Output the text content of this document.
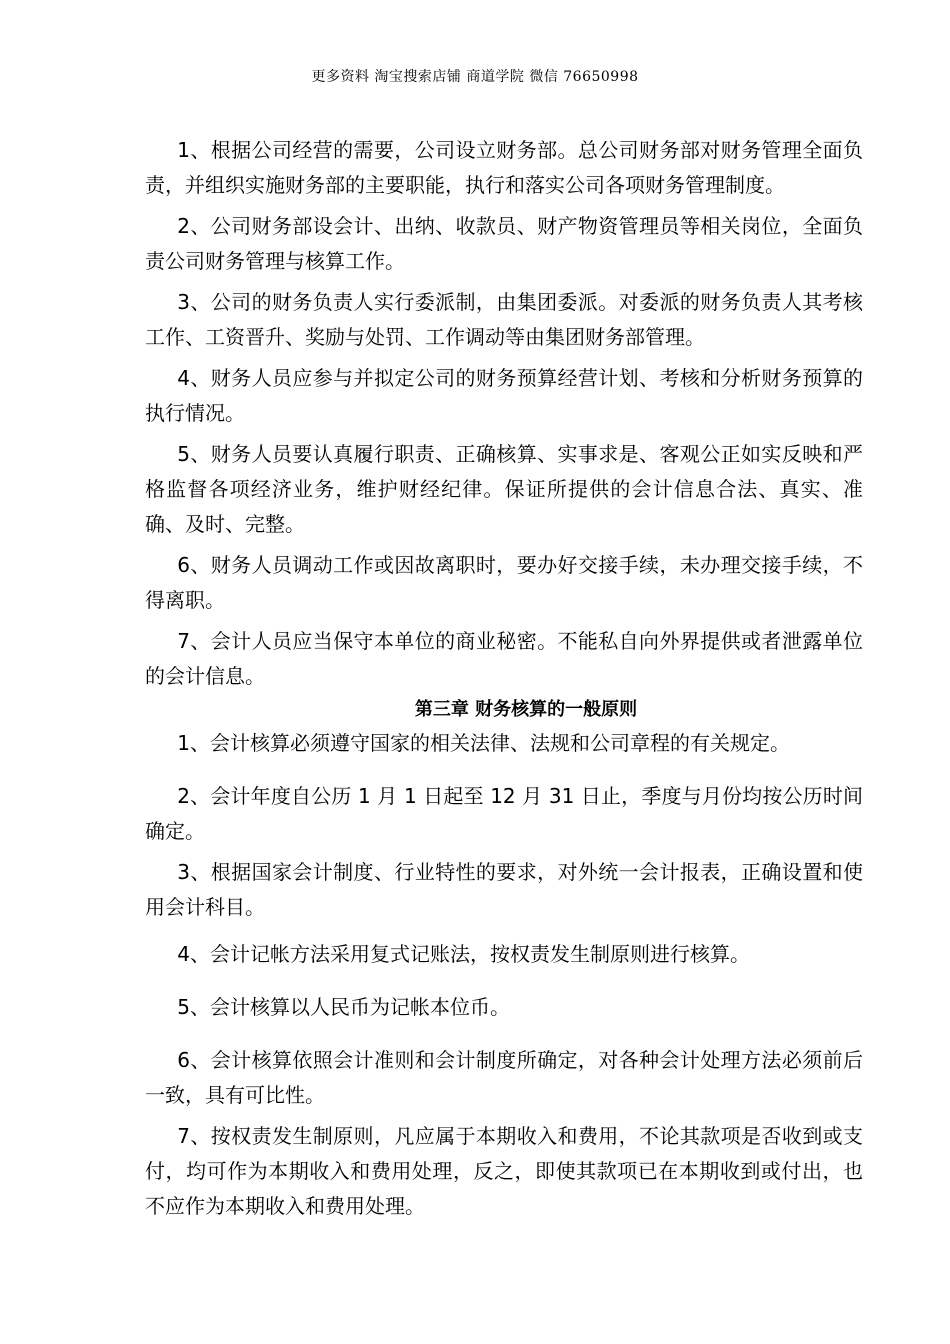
更多资料 淘宝搜索店铺 商道学院 微信 76650998

1、根据公司经营的需要，公司设立财务部。总公司财务部对财务管理全面负责，并组织实施财务部的主要职能，执行和落实公司各项财务管理制度。

2、公司财务部设会计、出纳、收款员、财产物资管理员等相关岗位，全面负责公司财务管理与核算工作。

3、公司的财务负责人实行委派制，由集团委派。对委派的财务负责人其考核工作、工资晋升、奖励与处罚、工作调动等由集团财务部管理。

4、财务人员应参与并拟定公司的财务预算经营计划、考核和分析财务预算的执行情况。

5、财务人员要认真履行职责、正确核算、实事求是、客观公正如实反映和严格监督各项经济业务，维护财经纪律。保证所提供的会计信息合法、真实、准确、及时、完整。

6、财务人员调动工作或因故离职时，要办好交接手续，未办理交接手续，不得离职。

7、会计人员应当保守本单位的商业秘密。不能私自向外界提供或者泄露单位的会计信息。

第三章 财务核算的一般原则

1、会计核算必须遵守国家的相关法律、法规和公司章程的有关规定。

2、会计年度自公历 1 月 1 日起至 12 月 31 日止，季度与月份均按公历时间确定。

3、根据国家会计制度、行业特性的要求，对外统一会计报表，正确设置和使用会计科目。

4、会计记帐方法采用复式记账法，按权责发生制原则进行核算。

5、会计核算以人民币为记帐本位币。

6、会计核算依照会计准则和会计制度所确定，对各种会计处理方法必须前后一致，具有可比性。

7、按权责发生制原则，凡应属于本期收入和费用，不论其款项是否收到或支付，均可作为本期收入和费用处理，反之，即使其款项已在本期收到或付出，也不应作为本期收入和费用处理。
